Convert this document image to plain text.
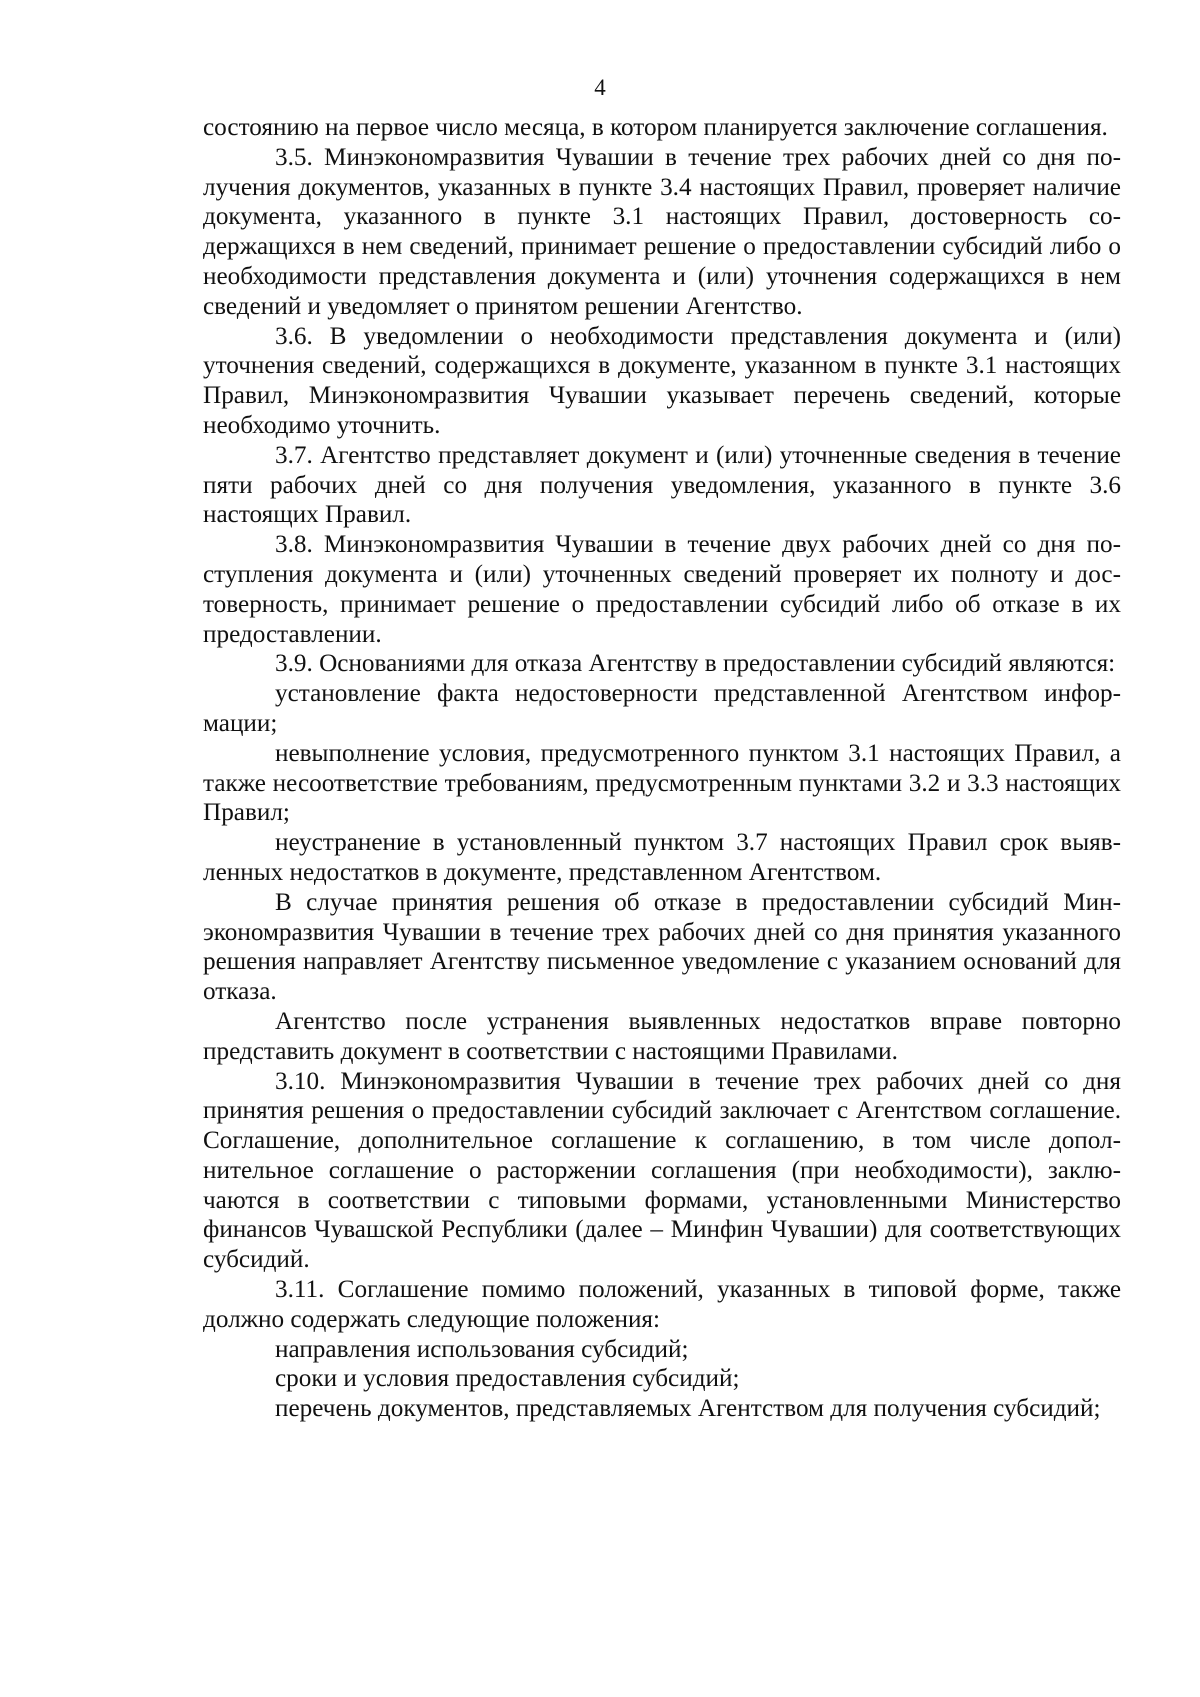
4

состоянию на первое число месяца, в котором планируется заключение соглашения.

3.5. Минэкономразвития Чувашии в течение трех рабочих дней со дня получения документов, указанных в пункте 3.4 настоящих Правил, проверяет наличие документа, указанного в пункте 3.1 настоящих Правил, достоверность содержащихся в нем сведений, принимает решение о предоставлении субсидий либо о необходимости представления документа и (или) уточнения содержащихся в нем сведений и уведомляет о принятом решении Агентство.

3.6. В уведомлении о необходимости представления документа и (или) уточнения сведений, содержащихся в документе, указанном в пункте 3.1 настоящих Правил, Минэкономразвития Чувашии указывает перечень сведений, которые необходимо уточнить.

3.7. Агентство представляет документ и (или) уточненные сведения в течение пяти рабочих дней со дня получения уведомления, указанного в пункте 3.6 настоящих Правил.

3.8. Минэкономразвития Чувашии в течение двух рабочих дней со дня поступления документа и (или) уточненных сведений проверяет их полноту и достоверность, принимает решение о предоставлении субсидий либо об отказе в их предоставлении.

3.9. Основаниями для отказа Агентству в предоставлении субсидий являются:

установление факта недостоверности представленной Агентством информации;

невыполнение условия, предусмотренного пунктом 3.1 настоящих Правил, а также несоответствие требованиям, предусмотренным пунктами 3.2 и 3.3 настоящих Правил;

неустранение в установленный пунктом 3.7 настоящих Правил срок выявленных недостатков в документе, представленном Агентством.

В случае принятия решения об отказе в предоставлении субсидий Минэкономразвития Чувашии в течение трех рабочих дней со дня принятия указанного решения направляет Агентству письменное уведомление с указанием оснований для отказа.

Агентство после устранения выявленных недостатков вправе повторно представить документ в соответствии с настоящими Правилами.

3.10. Минэкономразвития Чувашии в течение трех рабочих дней со дня принятия решения о предоставлении субсидий заключает с Агентством соглашение. Соглашение, дополнительное соглашение к соглашению, в том числе дополнительное соглашение о расторжении соглашения (при необходимости), заключаются в соответствии с типовыми формами, установленными Министерство финансов Чувашской Республики (далее – Минфин Чувашии) для соответствующих субсидий.

3.11. Соглашение помимо положений, указанных в типовой форме, также должно содержать следующие положения:

направления использования субсидий;

сроки и условия предоставления субсидий;

перечень документов, представляемых Агентством для получения субсидий;
